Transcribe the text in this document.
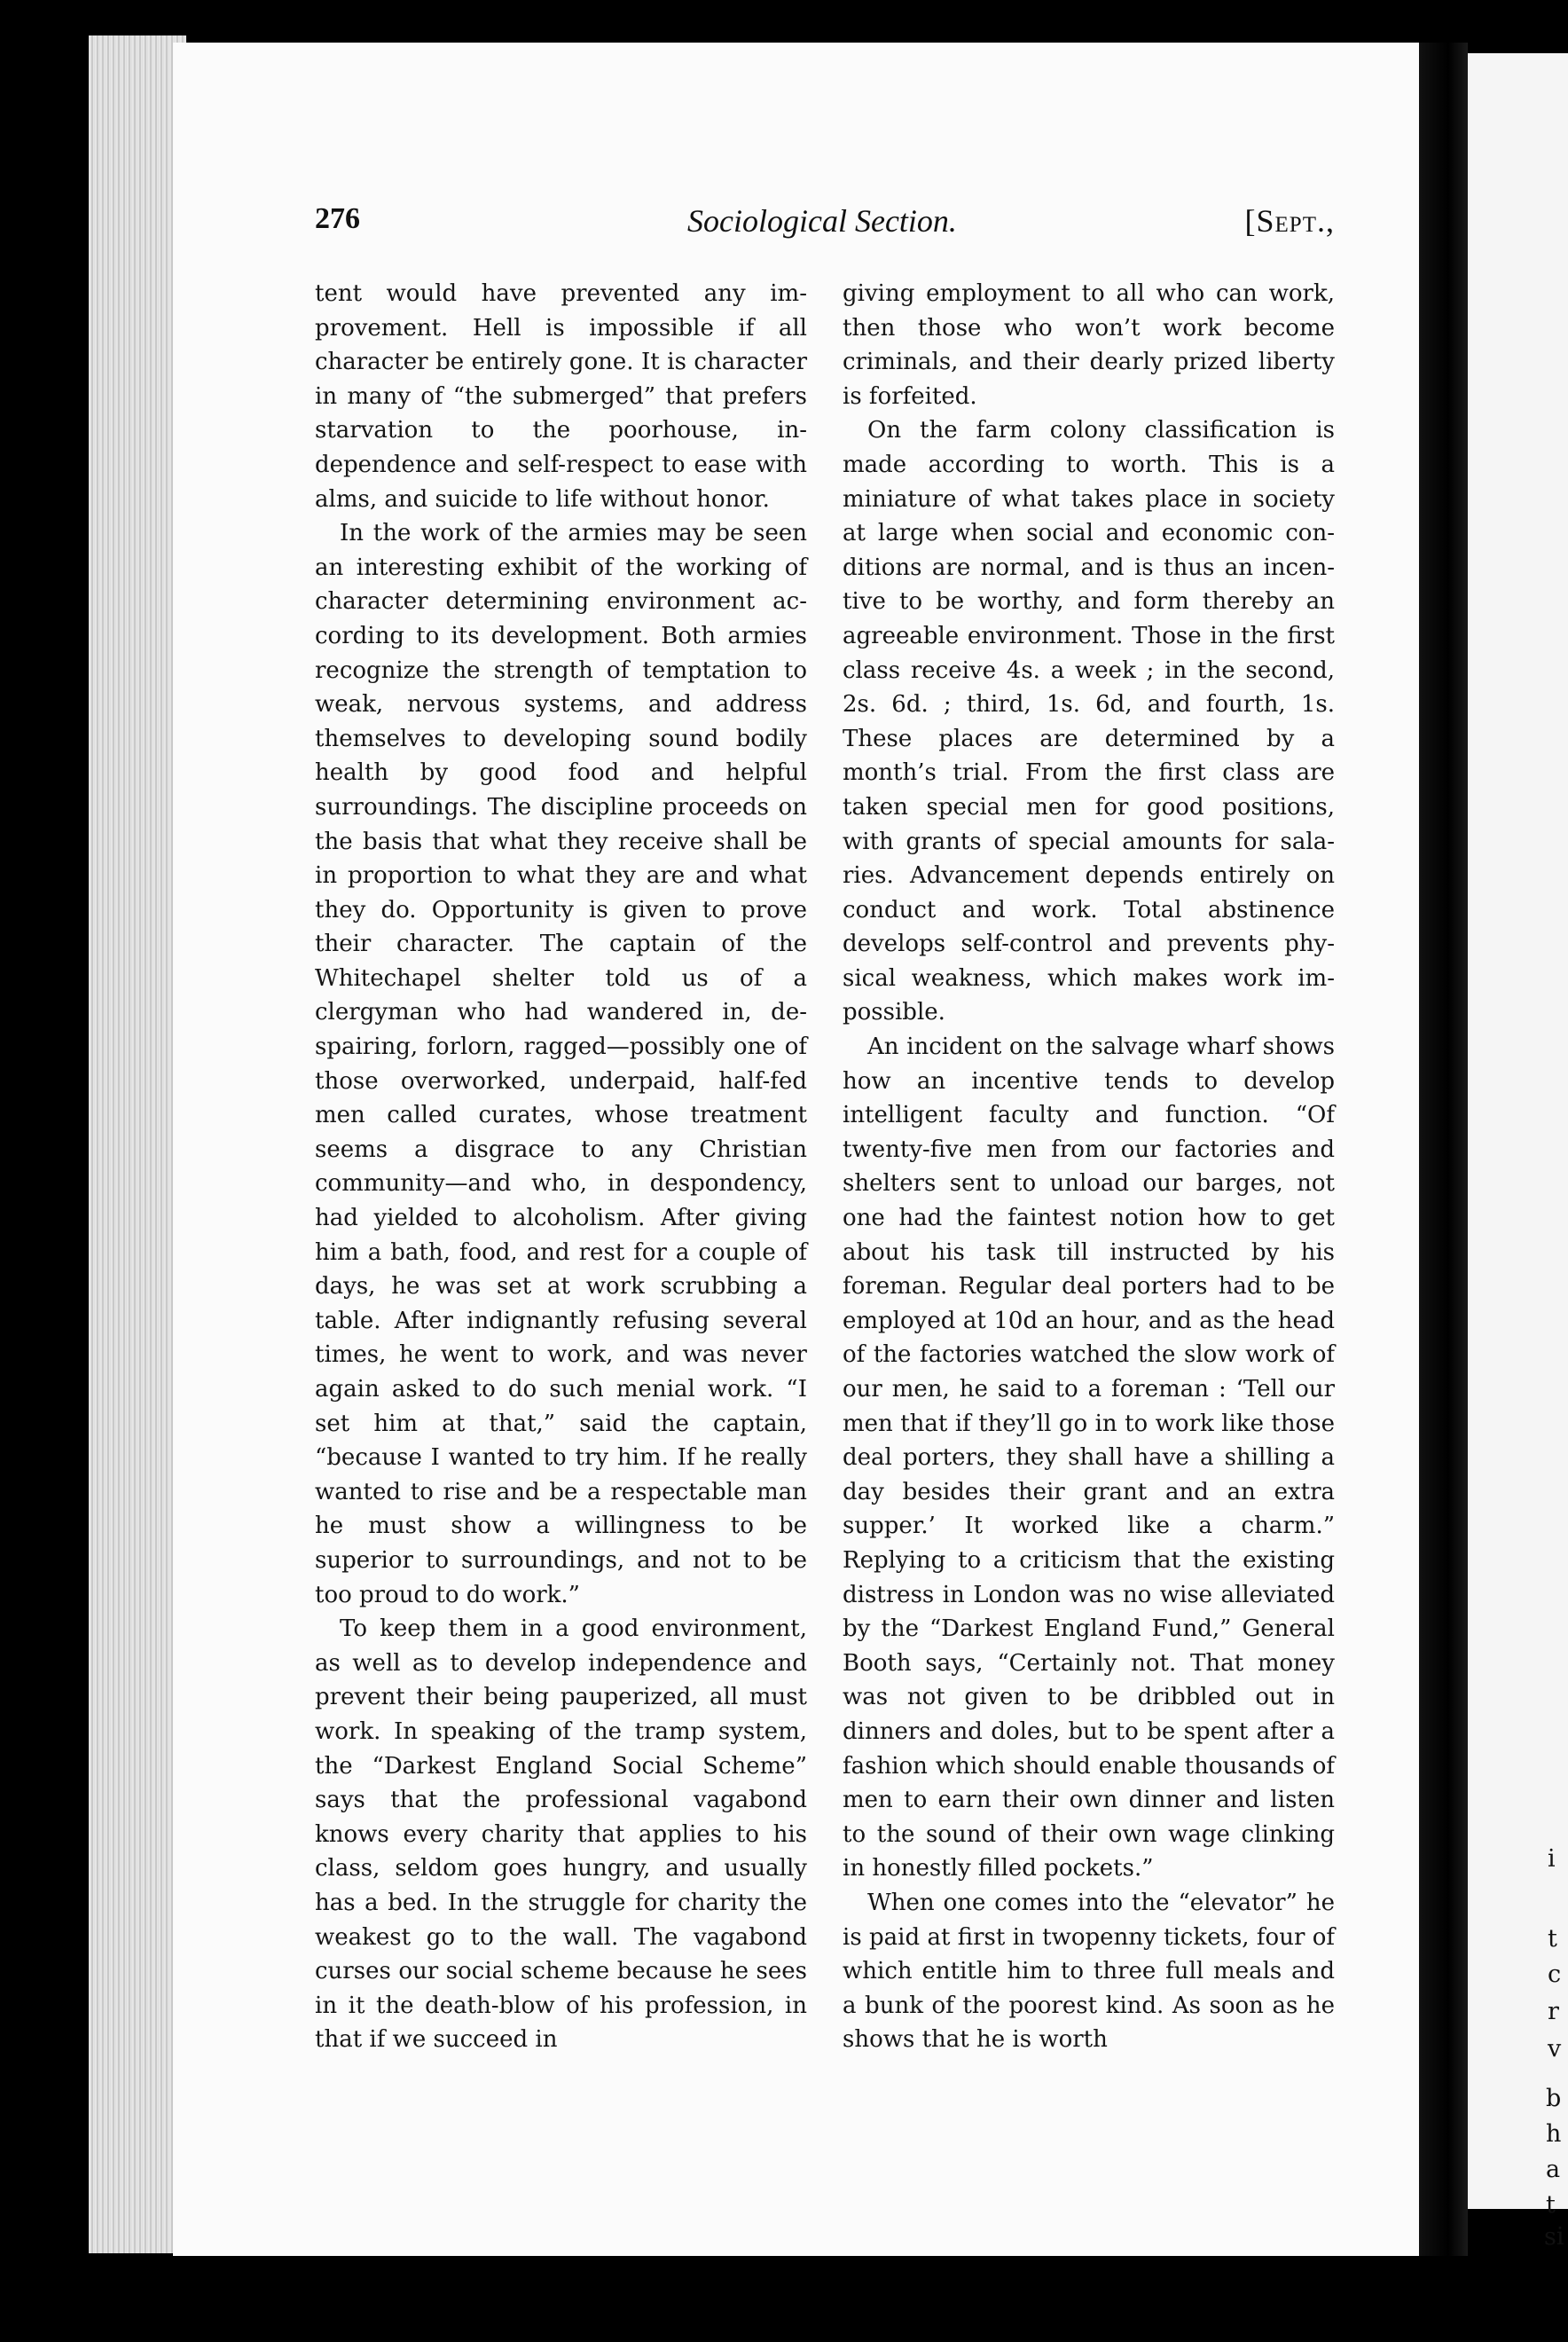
i
t
c
r
v
b
h
a
t
si
276	Sociological Section.	[Sept.,

tent would have prevented any improvement. Hell is impossible if all character be entirely gone. It is character in many of “the submerged” that prefers starvation to the poorhouse, independence and self-respect to ease with alms, and suicide to life without honor.

In the work of the armies may be seen an interesting exhibit of the working of character determining environment according to its development. Both armies recognize the strength of temptation to weak, nervous systems, and address themselves to developing sound bodily health by good food and helpful surroundings. The discipline proceeds on the basis that what they receive shall be in proportion to what they are and what they do. Opportunity is given to prove their character. The captain of the Whitechapel shelter told us of a clergyman who had wandered in, despairing, forlorn, ragged—possibly one of those overworked, underpaid, half-fed men called curates, whose treatment seems a disgrace to any Christian community—and who, in despondency, had yielded to alcoholism. After giving him a bath, food, and rest for a couple of days, he was set at work scrubbing a table. After indignantly refusing several times, he went to work, and was never again asked to do such menial work. “I set him at that,” said the captain, “because I wanted to try him. If he really wanted to rise and be a respectable man he must show a willingness to be superior to surroundings, and not to be too proud to do work.”

To keep them in a good environment, as well as to develop independence and prevent their being pauperized, all must work. In speaking of the tramp system, the “Darkest England Social Scheme” says that the professional vagabond knows every charity that applies to his class, seldom goes hungry, and usually has a bed. In the struggle for charity the weakest go to the wall. The vagabond curses our social scheme because he sees in it the death-blow of his profession, in that if we succeed in

giving employment to all who can work, then those who won’t work become criminals, and their dearly prized liberty is forfeited.

On the farm colony classification is made according to worth. This is a miniature of what takes place in society at large when social and economic conditions are normal, and is thus an incentive to be worthy, and form thereby an agreeable environment. Those in the first class receive 4s. a week ; in the second, 2s. 6d. ; third, 1s. 6d, and fourth, 1s. These places are determined by a month’s trial. From the first class are taken special men for good positions, with grants of special amounts for salaries. Advancement depends entirely on conduct and work. Total abstinence develops self-control and prevents physical weakness, which makes work impossible.

An incident on the salvage wharf shows how an incentive tends to develop intelligent faculty and function. “Of twenty-five men from our factories and shelters sent to unload our barges, not one had the faintest notion how to get about his task till instructed by his foreman. Regular deal porters had to be employed at 10d an hour, and as the head of the factories watched the slow work of our men, he said to a foreman : ‘Tell our men that if they’ll go in to work like those deal porters, they shall have a shilling a day besides their grant and an extra supper.’ It worked like a charm.” Replying to a criticism that the existing distress in London was no wise alleviated by the “Darkest England Fund,” General Booth says, “Certainly not. That money was not given to be dribbled out in dinners and doles, but to be spent after a fashion which should enable thousands of men to earn their own dinner and listen to the sound of their own wage clinking in honestly filled pockets.”

When one comes into the “elevator” he is paid at first in twopenny tickets, four of which entitle him to three full meals and a bunk of the poorest kind. As soon as he shows that he is worth
